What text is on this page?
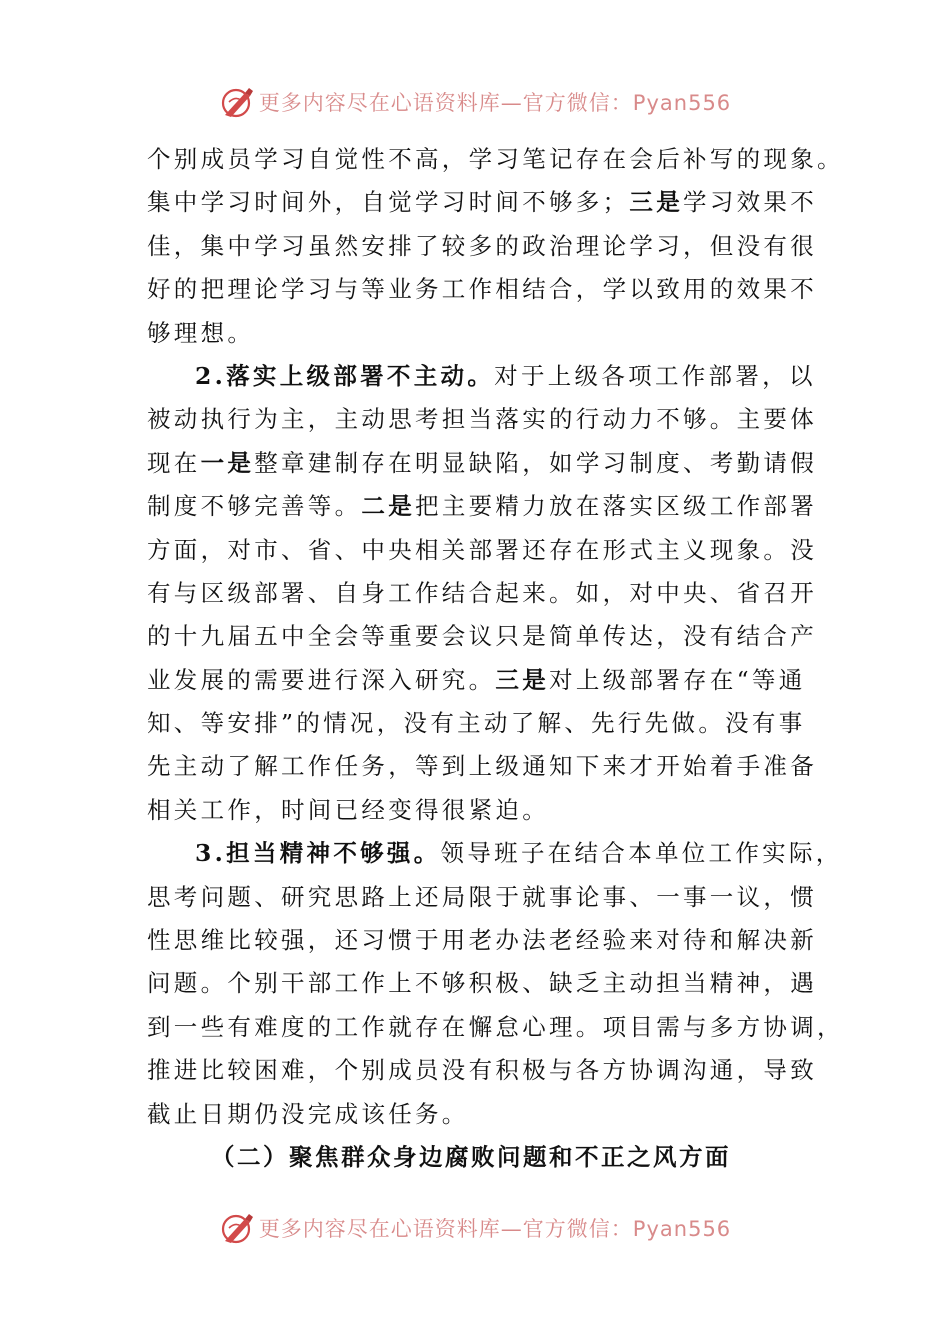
更多内容尽在心语资料库—官方微信：Pyan556
个别成员学习自觉性不高，学习笔记存在会后补写的现象。
集中学习时间外，自觉学习时间不够多；三是学习效果不
佳，集中学习虽然安排了较多的政治理论学习，但没有很
好的把理论学习与等业务工作相结合，学以致用的效果不
够理想。
2.落实上级部署不主动。对于上级各项工作部署，以
被动执行为主，主动思考担当落实的行动力不够。主要体
现在一是整章建制存在明显缺陷，如学习制度、考勤请假
制度不够完善等。二是把主要精力放在落实区级工作部署
方面，对市、省、中央相关部署还存在形式主义现象。没
有与区级部署、自身工作结合起来。如，对中央、省召开
的十九届五中全会等重要会议只是简单传达，没有结合产
业发展的需要进行深入研究。三是对上级部署存在“等通
知、等安排”的情况，没有主动了解、先行先做。没有事
先主动了解工作任务，等到上级通知下来才开始着手准备
相关工作，时间已经变得很紧迫。
3.担当精神不够强。领导班子在结合本单位工作实际，
思考问题、研究思路上还局限于就事论事、一事一议，惯
性思维比较强，还习惯于用老办法老经验来对待和解决新
问题。个别干部工作上不够积极、缺乏主动担当精神，遇
到一些有难度的工作就存在懈怠心理。项目需与多方协调，
推进比较困难，个别成员没有积极与各方协调沟通，导致
截止日期仍没完成该任务。
（二）聚焦群众身边腐败问题和不正之风方面
更多内容尽在心语资料库—官方微信：Pyan556
